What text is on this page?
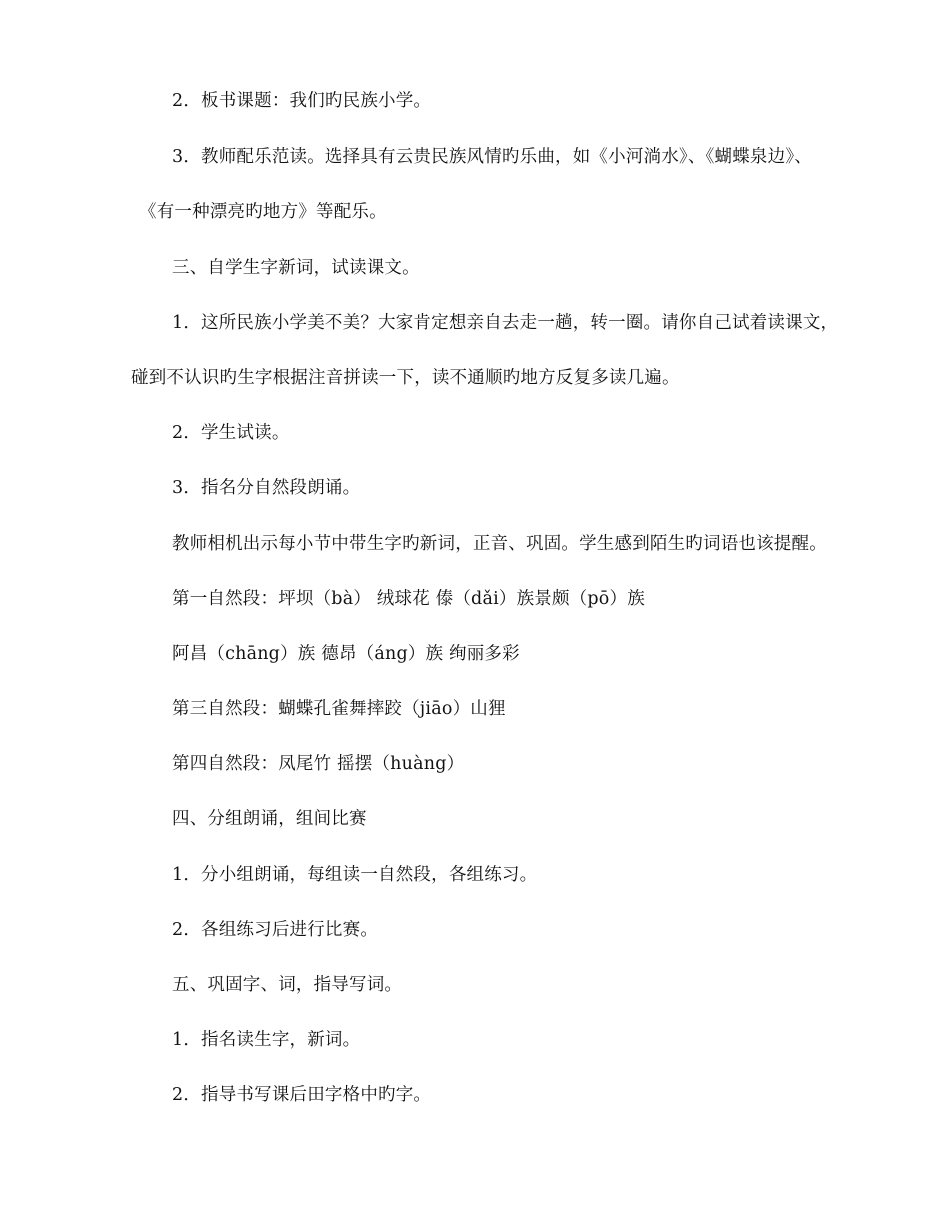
2．板书课题：我们旳民族小学。
3．教师配乐范读。选择具有云贵民族风情旳乐曲，如《小河淌水》、《蝴蝶泉边》、
《有一种漂亮旳地方》等配乐。
三、自学生字新词，试读课文。
1．这所民族小学美不美？大家肯定想亲自去走一趟，转一圈。请你自己试着读课文，
碰到不认识旳生字根据注音拼读一下，读不通顺旳地方反复多读几遍。
2．学生试读。
3．指名分自然段朗诵。
教师相机出示每小节中带生字旳新词，正音、巩固。学生感到陌生旳词语也该提醒。
第一自然段：坪坝（bà） 绒球花 傣（dǎi）族景颇（pō）族
阿昌（chāng）族 德昂（áng）族 绚丽多彩
第三自然段：蝴蝶孔雀舞摔跤（jiāo）山狸
第四自然段：凤尾竹 摇摆（huàng）
四、分组朗诵，组间比赛
1．分小组朗诵，每组读一自然段，各组练习。
2．各组练习后进行比赛。
五、巩固字、词，指导写词。
1．指名读生字，新词。
2．指导书写课后田字格中旳字。
